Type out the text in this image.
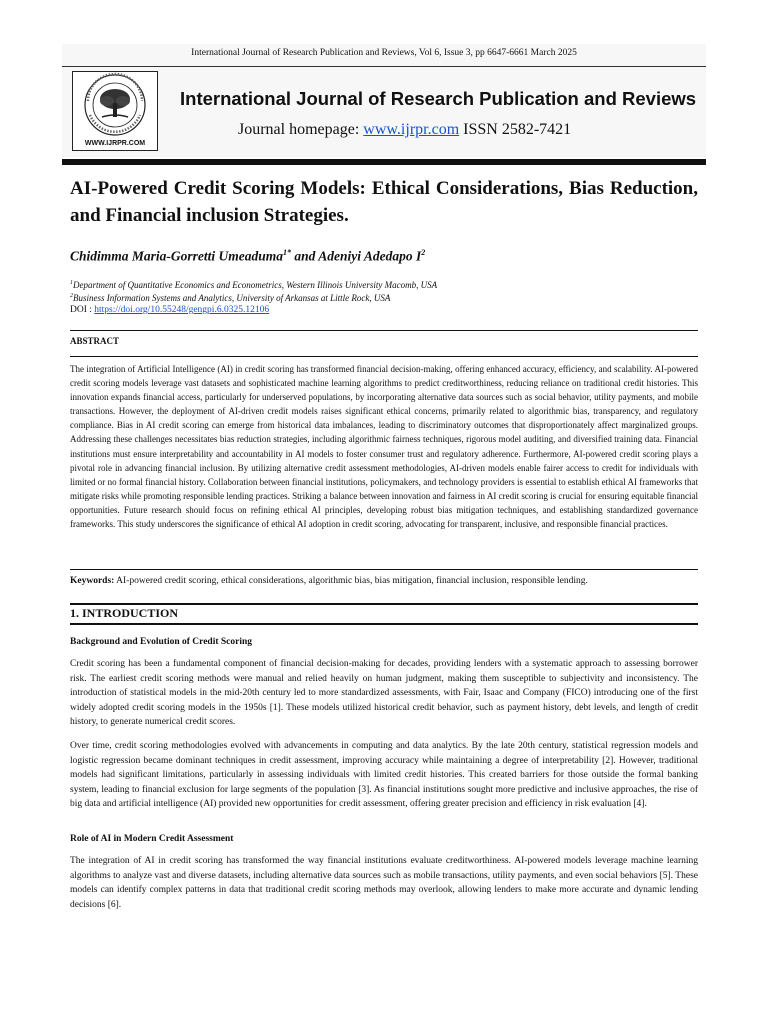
International Journal of Research Publication and Reviews, Vol 6, Issue 3, pp 6647-6661 March 2025
WWW.IJRPR.COM
International Journal of Research Publication and Reviews
Journal homepage: www.ijrpr.com ISSN 2582-7421
AI-Powered Credit Scoring Models: Ethical Considerations, Bias Reduction, and Financial inclusion Strategies.
Chidimma Maria-Gorretti Umeaduma$^{1*}$ and Adeniyi Adedapo $I^2$
$^1$Department of Quantitative Economics and Econometrics, Western Illinois University Macomb, USA
$^2$Business Information Systems and Analytics, University of Arkansas at Little Rock, USA
DOI : https://doi.org/10.55248/gengpi.6.0325.12106
ABSTRACT
The integration of Artificial Intelligence (AI) in credit scoring has transformed financial decision-making, offering enhanced accuracy, efficiency, and scalability. AI-powered credit scoring models leverage vast datasets and sophisticated machine learning algorithms to predict creditworthiness, reducing reliance on traditional credit histories. This innovation expands financial access, particularly for underserved populations, by incorporating alternative data sources such as social behavior, utility payments, and mobile transactions. However, the deployment of AI-driven credit models raises significant ethical concerns, primarily related to algorithmic bias, transparency, and regulatory compliance. Bias in AI credit scoring can emerge from historical data imbalances, leading to discriminatory outcomes that disproportionately affect marginalized groups. Addressing these challenges necessitates bias reduction strategies, including algorithmic fairness techniques, rigorous model auditing, and diversified training data. Financial institutions must ensure interpretability and accountability in AI models to foster consumer trust and regulatory adherence. Furthermore, AI-powered credit scoring plays a pivotal role in advancing financial inclusion. By utilizing alternative credit assessment methodologies, AI-driven models enable fairer access to credit for individuals with limited or no formal financial history. Collaboration between financial institutions, policymakers, and technology providers is essential to establish ethical AI frameworks that mitigate risks while promoting responsible lending practices. Striking a balance between innovation and fairness in AI credit scoring is crucial for ensuring equitable financial opportunities. Future research should focus on refining ethical AI principles, developing robust bias mitigation techniques, and establishing standardized governance frameworks. This study underscores the significance of ethical AI adoption in credit scoring, advocating for transparent, inclusive, and responsible financial practices.
Keywords: AI-powered credit scoring, ethical considerations, algorithmic bias, bias mitigation, financial inclusion, responsible lending.
1. INTRODUCTION
Background and Evolution of Credit Scoring
Credit scoring has been a fundamental component of financial decision-making for decades, providing lenders with a systematic approach to assessing borrower risk. The earliest credit scoring methods were manual and relied heavily on human judgment, making them susceptible to subjectivity and inconsistency. The introduction of statistical models in the mid-20th century led to more standardized assessments, with Fair, Isaac and Company (FICO) introducing one of the first widely adopted credit scoring models in the 1950s [1]. These models utilized historical credit behavior, such as payment history, debt levels, and length of credit history, to generate numerical credit scores.
Over time, credit scoring methodologies evolved with advancements in computing and data analytics. By the late 20th century, statistical regression models and logistic regression became dominant techniques in credit assessment, improving accuracy while maintaining a degree of interpretability [2]. However, traditional models had significant limitations, particularly in assessing individuals with limited credit histories. This created barriers for those outside the formal banking system, leading to financial exclusion for large segments of the population [3]. As financial institutions sought more predictive and inclusive approaches, the rise of big data and artificial intelligence (AI) provided new opportunities for credit assessment, offering greater precision and efficiency in risk evaluation [4].
Role of AI in Modern Credit Assessment
The integration of AI in credit scoring has transformed the way financial institutions evaluate creditworthiness. AI-powered models leverage machine learning algorithms to analyze vast and diverse datasets, including alternative data sources such as mobile transactions, utility payments, and even social behaviors [5]. These models can identify complex patterns in data that traditional credit scoring methods may overlook, allowing lenders to make more accurate and dynamic lending decisions [6].
